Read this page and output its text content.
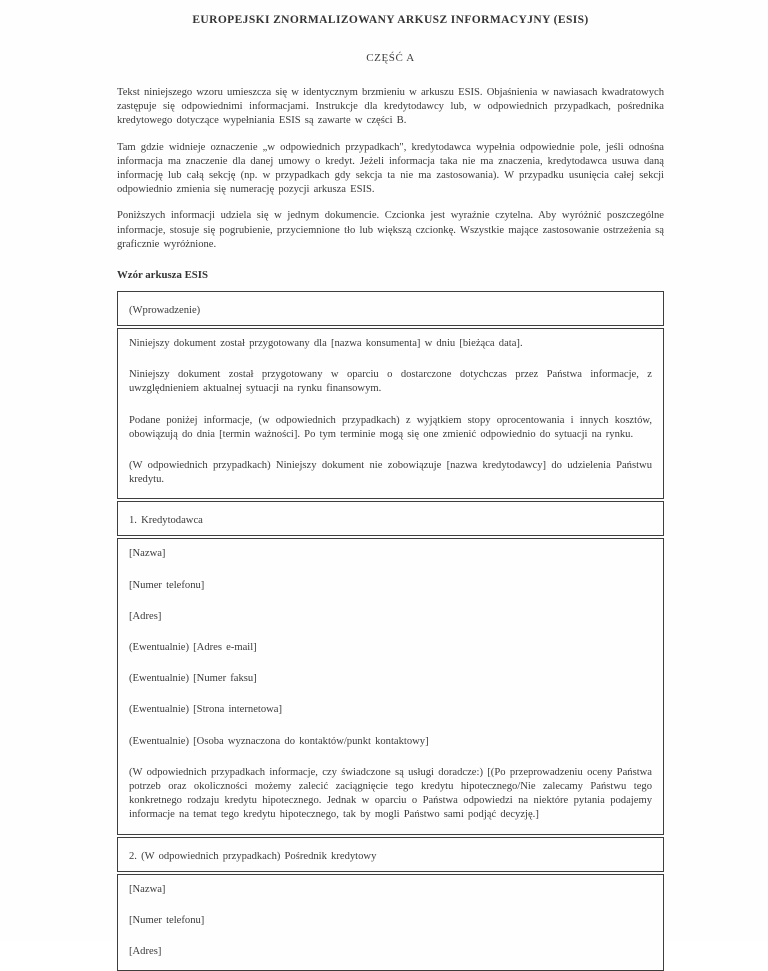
EUROPEJSKI ZNORMALIZOWANY ARKUSZ INFORMACYJNY (ESIS)
CZĘŚĆ A

Tekst niniejszego wzoru umieszcza się w identycznym brzmieniu w arkuszu ESIS. Objaśnienia w nawiasach kwadratowych zastępuje się odpowiednimi informacjami. Instrukcje dla kredytodawcy lub, w odpowiednich przypadkach, pośrednika kredytowego dotyczące wypełniania ESIS są zawarte w części B.

Tam gdzie widnieje oznaczenie „w odpowiednich przypadkach", kredytodawca wypełnia odpowiednie pole, jeśli odnośna informacja ma znaczenie dla danej umowy o kredyt. Jeżeli informacja taka nie ma znaczenia, kredytodawca usuwa daną informację lub całą sekcję (np. w przypadkach gdy sekcja ta nie ma zastosowania). W przypadku usunięcia całej sekcji odpowiednio zmienia się numerację pozycji arkusza ESIS.

Poniższych informacji udziela się w jednym dokumencie. Czcionka jest wyraźnie czytelna. Aby wyróżnić poszczególne informacje, stosuje się pogrubienie, przyciemnione tło lub większą czcionkę. Wszystkie mające zastosowanie ostrzeżenia są graficznie wyróżnione.

Wzór arkusza ESIS
(Wprowadzenie)

Niniejszy dokument został przygotowany dla [nazwa konsumenta] w dniu [bieżąca data].

Niniejszy dokument został przygotowany w oparciu o dostarczone dotychczas przez Państwa informacje, z uwzględnieniem aktualnej sytuacji na rynku finansowym.

Podane poniżej informacje, (w odpowiednich przypadkach) z wyjątkiem stopy oprocentowania i innych kosztów, obowiązują do dnia [termin ważności]. Po tym terminie mogą się one zmienić odpowiednio do sytuacji na rynku.

(W odpowiednich przypadkach) Niniejszy dokument nie zobowiązuje [nazwa kredytodawcy] do udzielenia Państwu kredytu.

1. Kredytodawca

[Nazwa]

[Numer telefonu]

[Adres]

(Ewentualnie) [Adres e-mail]

(Ewentualnie) [Numer faksu]

(Ewentualnie) [Strona internetowa]

(Ewentualnie) [Osoba wyznaczona do kontaktów/punkt kontaktowy]

(W odpowiednich przypadkach informacje, czy świadczone są usługi doradcze:) [(Po przeprowadzeniu oceny Państwa potrzeb oraz okoliczności możemy zalecić zaciągnięcie tego kredytu hipotecznego/Nie zalecamy Państwu tego konkretnego rodzaju kredytu hipotecznego. Jednak w oparciu o Państwa odpowiedzi na niektóre pytania podajemy informacje na temat tego kredytu hipotecznego, tak by mogli Państwo sami podjąć decyzję.]

2. (W odpowiednich przypadkach) Pośrednik kredytowy

[Nazwa]

[Numer telefonu]

[Adres]
